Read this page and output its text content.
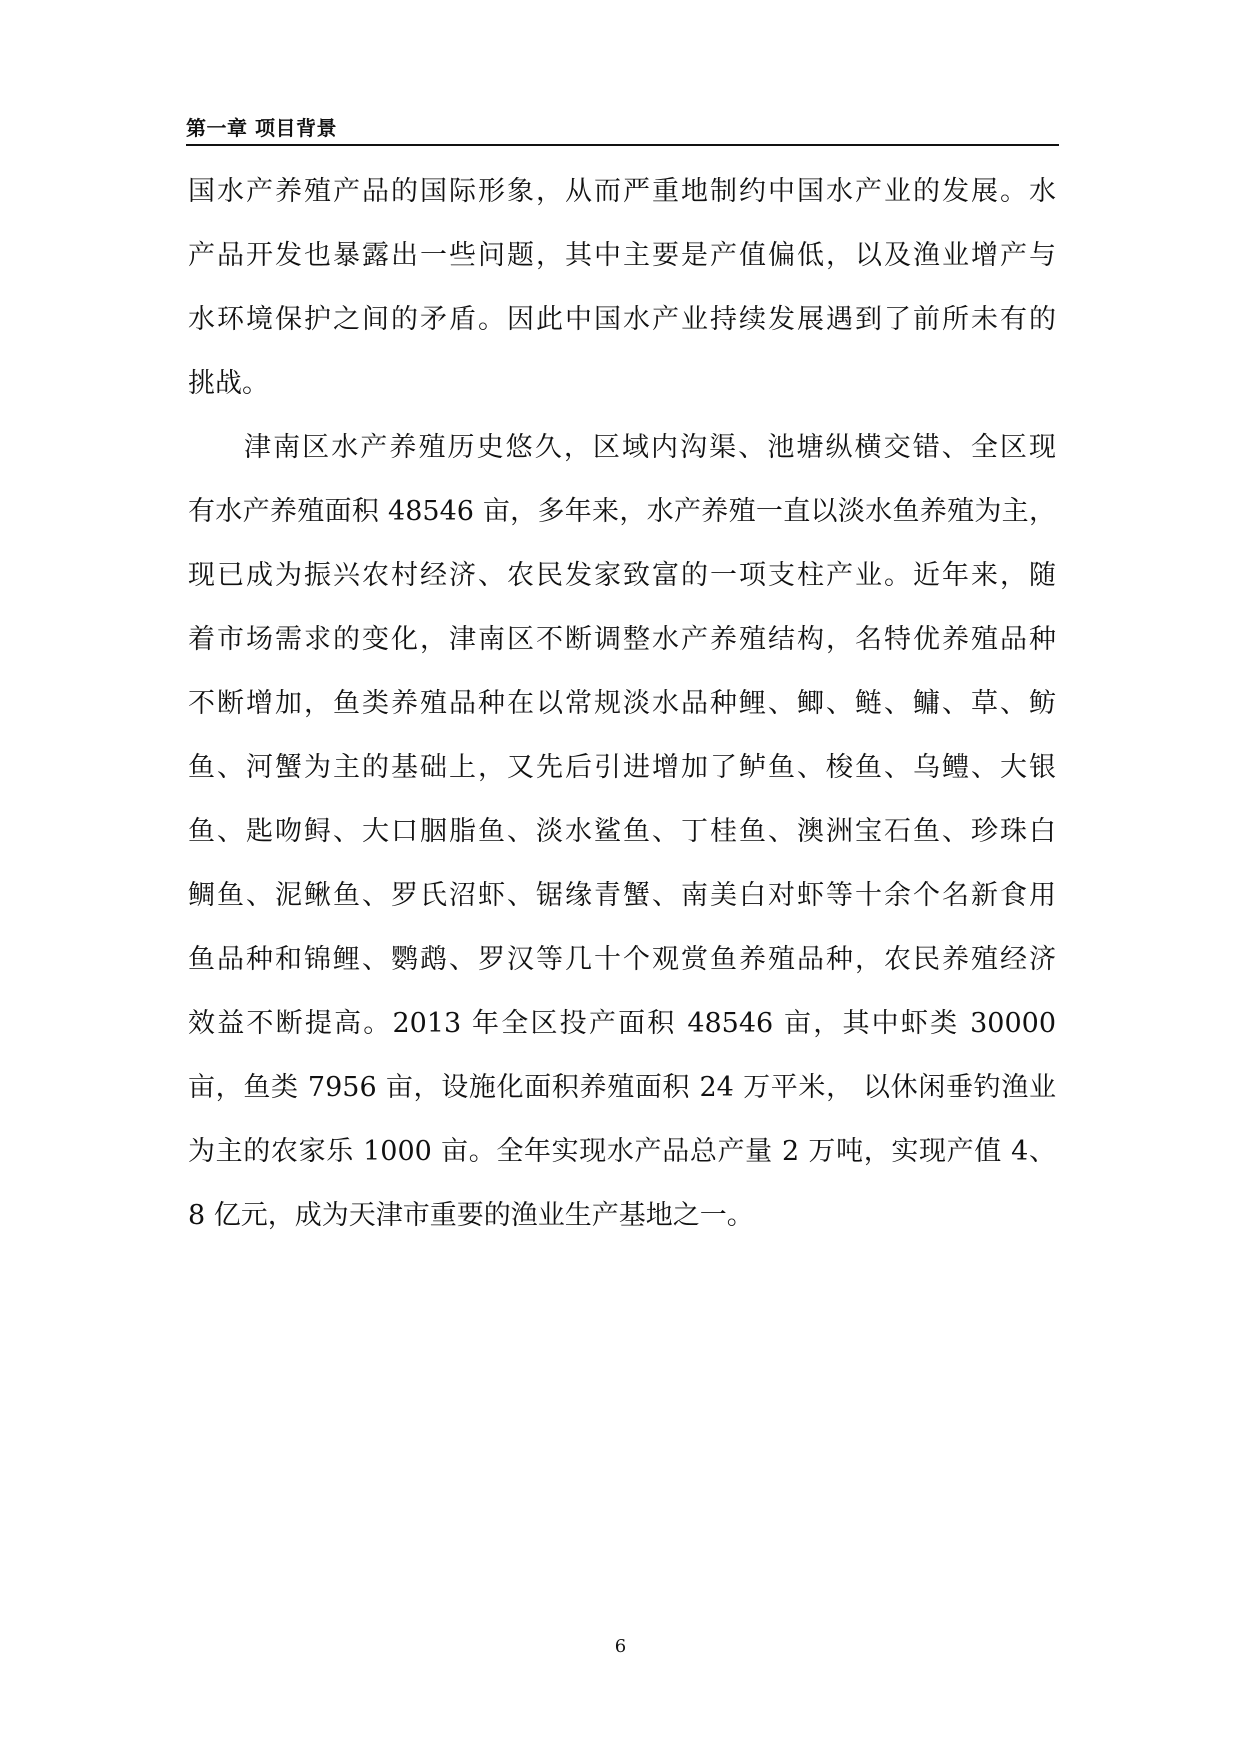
第一章 项目背景
国水产养殖产品的国际形象，从而严重地制约中国水产业的发展。水
产品开发也暴露出一些问题，其中主要是产值偏低，以及渔业增产与
水环境保护之间的矛盾。因此中国水产业持续发展遇到了前所未有的
挑战。
津南区水产养殖历史悠久，区域内沟渠、池塘纵横交错、全区现
有水产养殖面积 48546 亩，多年来，水产养殖一直以淡水鱼养殖为主，
现已成为振兴农村经济、农民发家致富的一项支柱产业。近年来，随
着市场需求的变化，津南区不断调整水产养殖结构，名特优养殖品种
不断增加，鱼类养殖品种在以常规淡水品种鲤、鲫、鲢、鳙、草、鲂
鱼、河蟹为主的基础上，又先后引进增加了鲈鱼、梭鱼、乌鳢、大银
鱼、匙吻鲟、大口胭脂鱼、淡水鲨鱼、丁桂鱼、澳洲宝石鱼、珍珠白
鲷鱼、泥鳅鱼、罗氏沼虾、锯缘青蟹、南美白对虾等十余个名新食用
鱼品种和锦鲤、鹦鹉、罗汉等几十个观赏鱼养殖品种，农民养殖经济
效益不断提高。2013 年全区投产面积 48546 亩，其中虾类 30000
亩，鱼类 7956 亩，设施化面积养殖面积 24 万平米， 以休闲垂钓渔业
为主的农家乐 1000 亩。全年实现水产品总产量 2 万吨，实现产值 4、
8 亿元，成为天津市重要的渔业生产基地之一。
6
